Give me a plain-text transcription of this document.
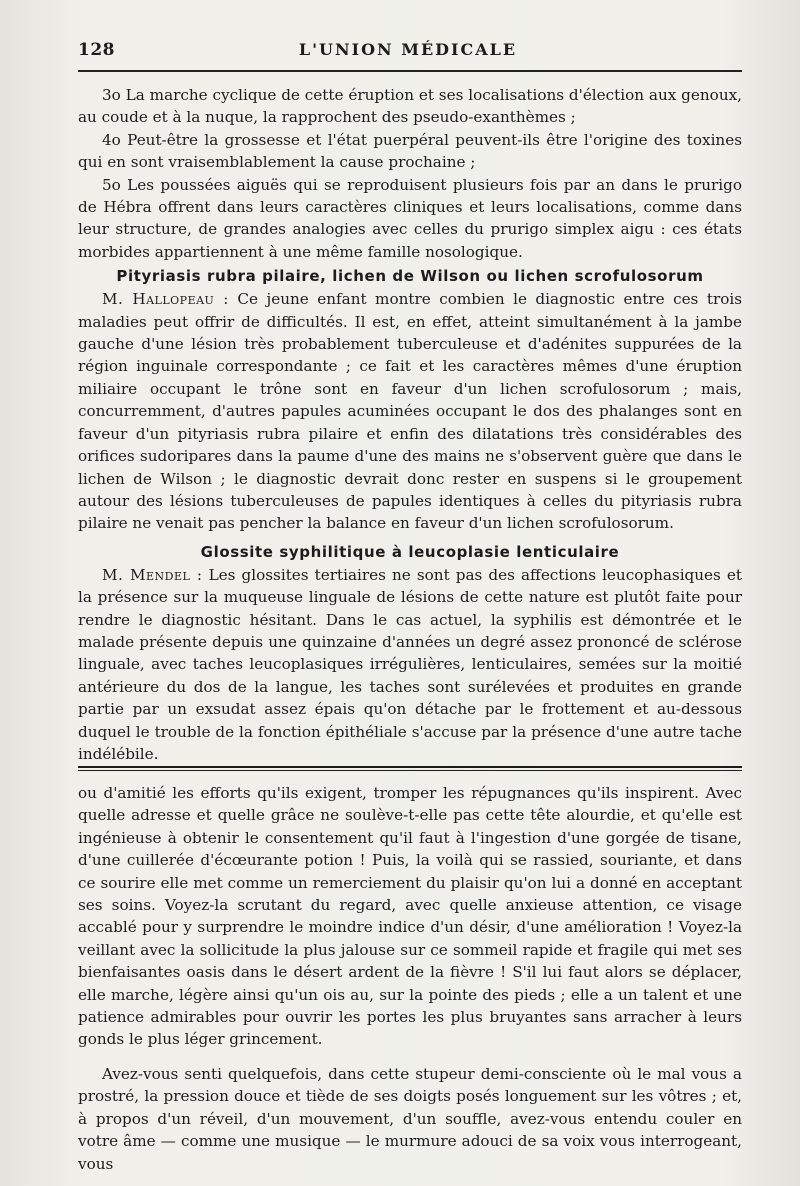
128	L'UNION MÉDICALE

3o La marche cyclique de cette éruption et ses localisations d'élection aux genoux, au coude et à la nuque, la rapprochent des pseudo-exanthèmes ;

4o Peut-être la grossesse et l'état puerpéral peuvent-ils être l'origine des toxines qui en sont vraisemblablement la cause prochaine ;

5o Les poussées aiguës qui se reproduisent plusieurs fois par an dans le prurigo de Hébra offrent dans leurs caractères cliniques et leurs localisations, comme dans leur structure, de grandes analogies avec celles du prurigo simplex aigu : ces états morbides appartiennent à une même famille nosologique.

Pityriasis rubra pilaire, lichen de Wilson ou lichen scrofulosorum

M. Hallopeau : Ce jeune enfant montre combien le diagnostic entre ces trois maladies peut offrir de difficultés. Il est, en effet, atteint simultanément à la jambe gauche d'une lésion très probablement tuberculeuse et d'adénites suppurées de la région inguinale correspondante ; ce fait et les caractères mêmes d'une éruption miliaire occupant le trône sont en faveur d'un lichen scrofulosorum ; mais, concurremment, d'autres papules acuminées occupant le dos des phalanges sont en faveur d'un pityriasis rubra pilaire et enfin des dilatations très considérables des orifices sudoripares dans la paume d'une des mains ne s'observent guère que dans le lichen de Wilson ; le diagnostic devrait donc rester en suspens si le groupement autour des lésions tuberculeuses de papules identiques à celles du pityriasis rubra pilaire ne venait pas pencher la balance en faveur d'un lichen scrofulosorum.

Glossite syphilitique à leucoplasie lenticulaire

M. Mendel : Les glossites tertiaires ne sont pas des affections leucophasiques et la présence sur la muqueuse linguale de lésions de cette nature est plutôt faite pour rendre le diagnostic hésitant. Dans le cas actuel, la syphilis est démontrée et le malade présente depuis une quinzaine d'années un degré assez prononcé de sclérose linguale, avec taches leucoplasiques irrégulières, lenticulaires, semées sur la moitié antérieure du dos de la langue, les taches sont surélevées et produites en grande partie par un exsudat assez épais qu'on détache par le frottement et au-dessous duquel le trouble de la fonction épithéliale s'accuse par la présence d'une autre tache indélébile.

ou d'amitié les efforts qu'ils exigent, tromper les répugnances qu'ils inspirent. Avec quelle adresse et quelle grâce ne soulève-t-elle pas cette tête alourdie, et qu'elle est ingénieuse à obtenir le consentement qu'il faut à l'ingestion d'une gorgée de tisane, d'une cuillerée d'écœurante potion ! Puis, la voilà qui se rassied, souriante, et dans ce sourire elle met comme un remerciement du plaisir qu'on lui a donné en acceptant ses soins. Voyez-la scrutant du regard, avec quelle anxieuse attention, ce visage accablé pour y surprendre le moindre indice d'un désir, d'une amélioration ! Voyez-la veillant avec la sollicitude la plus jalouse sur ce sommeil rapide et fragile qui met ses bienfaisantes oasis dans le désert ardent de la fièvre ! S'il lui faut alors se déplacer, elle marche, légère ainsi qu'un ois au, sur la pointe des pieds ; elle a un talent et une patience admirables pour ouvrir les portes les plus bruyantes sans arracher à leurs gonds le plus léger grincement.

Avez-vous senti quelquefois, dans cette stupeur demi-consciente où le mal vous a prostré, la pression douce et tiède de ses doigts posés longuement sur les vôtres ; et, à propos d'un réveil, d'un mouvement, d'un souffle, avez-vous entendu couler en votre âme — comme une musique — le murmure adouci de sa voix vous interrogeant, vous
